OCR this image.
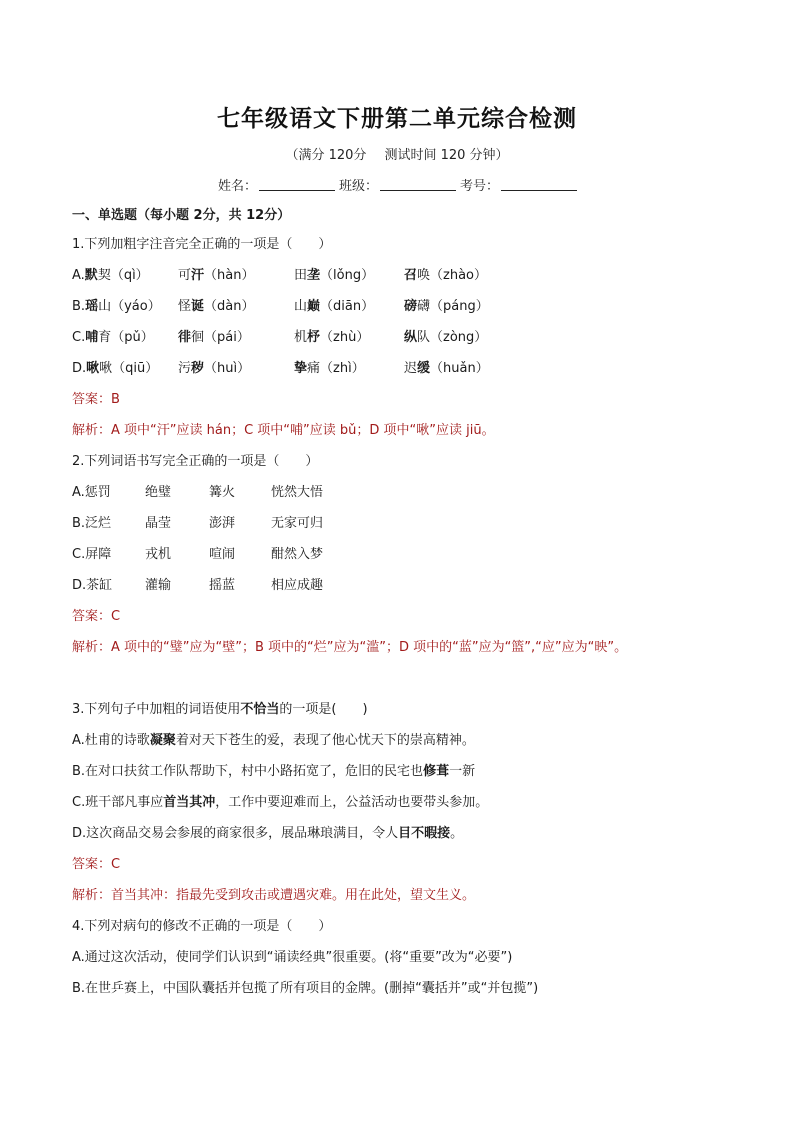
七年级语文下册第二单元综合检测
（满分 120分 测试时间 120 分钟）
姓名：	班级：	考号：
一、单选题（每小题 2分，共 12分）
1.下列加粗字注音完全正确的一项是（　　）
A.默契（qì） 可汗（hàn）	田垄（lǒng） 召唤（zhào）
B.瑶山（yáo） 怪诞（dàn）	山巅（diān） 磅礴（páng）
C.哺育（pǔ） 徘徊（pái）	机杼（zhù）	纵队（zòng）
D.啾啾（qiū） 污秽（huì）	挚痛（zhì）	迟缓（huǎn）
答案：B
解析：A 项中“汗”应读 hán；C 项中“哺”应读 bǔ；D 项中“啾”应读 jiū。
2.下列词语书写完全正确的一项是（　　）
A.惩罚	绝璧	篝火	恍然大悟
B.泛烂	晶莹	澎湃	无家可归
C.屏障	戎机	喧闹	酣然入梦
D.茶缸	灌输	摇蓝	相应成趣
答案：C
解析：A 项中的“璧”应为“壁”；B 项中的“烂”应为“滥”；D 项中的“蓝”应为“篮”,“应”应为“映”。
3.下列句子中加粗的词语使用不恰当的一项是(　　)
A.杜甫的诗歌凝聚着对天下苍生的爱，表现了他心忧天下的崇高精神。
B.在对口扶贫工作队帮助下，村中小路拓宽了，危旧的民宅也修葺一新
C.班干部凡事应首当其冲，工作中要迎难而上，公益活动也要带头参加。
D.这次商品交易会参展的商家很多，展品琳琅满目，令人目不暇接。
答案：C
解析：首当其冲：指最先受到攻击或遭遇灾难。用在此处，望文生义。
4.下列对病句的修改不正确的一项是（　　）
A.通过这次活动，使同学们认识到“诵读经典”很重要。(将“重要”改为“必要”)
B.在世乒赛上，中国队囊括并包揽了所有项目的金牌。(删掉“囊括并”或“并包揽”)
